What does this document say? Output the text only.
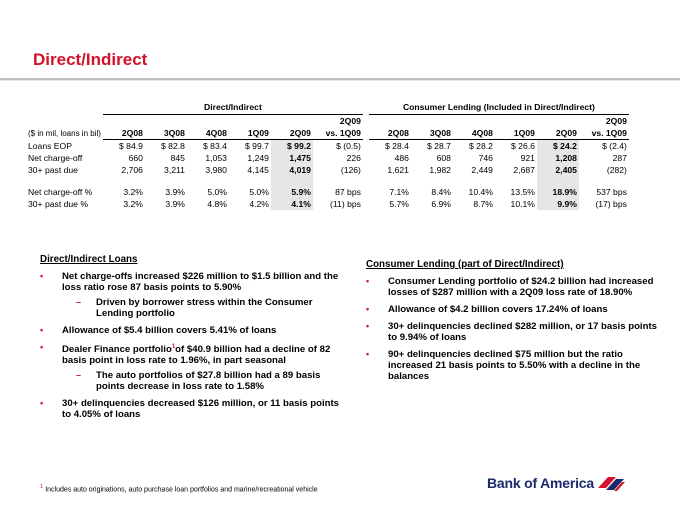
Direct/Indirect
	Direct/Indirect							Consumer Lending (Included in Direct/Indirect)					
						2Q09							2Q09
($ in mil, loans in bil)	2Q08	3Q08	4Q08	1Q09	2Q09	vs. 1Q09		2Q08	3Q08	4Q08	1Q09	2Q09	vs. 1Q09
Loans EOP	$ 84.9	$ 82.8	$ 83.4	$ 99.7	$ 99.2	$ (0.5)		$ 28.4	$ 28.7	$ 28.2	$ 26.6	$ 24.2	$ (2.4)
Net charge-off	660	845	1,053	1,249	1,475	226		486	608	746	921	1,208	287
30+ past due	2,706	3,211	3,980	4,145	4,019	(126)		1,621	1,982	2,449	2,687	2,405	(282)

Net charge-off %	3.2%	3.9%	5.0%	5.0%	5.9%	87 bps		7.1%	8.4%	10.4%	13.5%	18.9%	537 bps
30+ past due %	3.2%	3.9%	4.8%	4.2%	4.1%	(11) bps		5.7%	6.9%	8.7%	10.1%	9.9%	(17) bps
Direct/Indirect Loans
• Net charge-offs increased $226 million to $1.5 billion and the loss ratio rose 87 basis points to 5.90%
– Driven by borrower stress within the Consumer Lending portfolio
• Allowance of $5.4 billion covers 5.41% of loans
• Dealer Finance portfolio$^1$of $40.9 billion had a decline of 82 basis point in loss rate to 1.96%, in part seasonal
– The auto portfolios of $27.8 billion had a 89 basis points decrease in loss rate to 1.58%
• 30+ delinquencies decreased $126 million, or 11 basis points to 4.05% of loans
Consumer Lending (part of Direct/Indirect)
• Consumer Lending portfolio of $24.2 billion had increased losses of $287 million with a 2Q09 loss rate of 18.90%
• Allowance of $4.2 billion covers 17.24% of loans
• 30+ delinquencies declined $282 million, or 17 basis points to 9.94% of loans
• 90+ delinquencies declined $75 million but the ratio increased 21 basis points to 5.50% with a decline in the balances
$^1$ Includes auto originations, auto purchase loan portfolios and marine/recreational vehicle	Bank of America
